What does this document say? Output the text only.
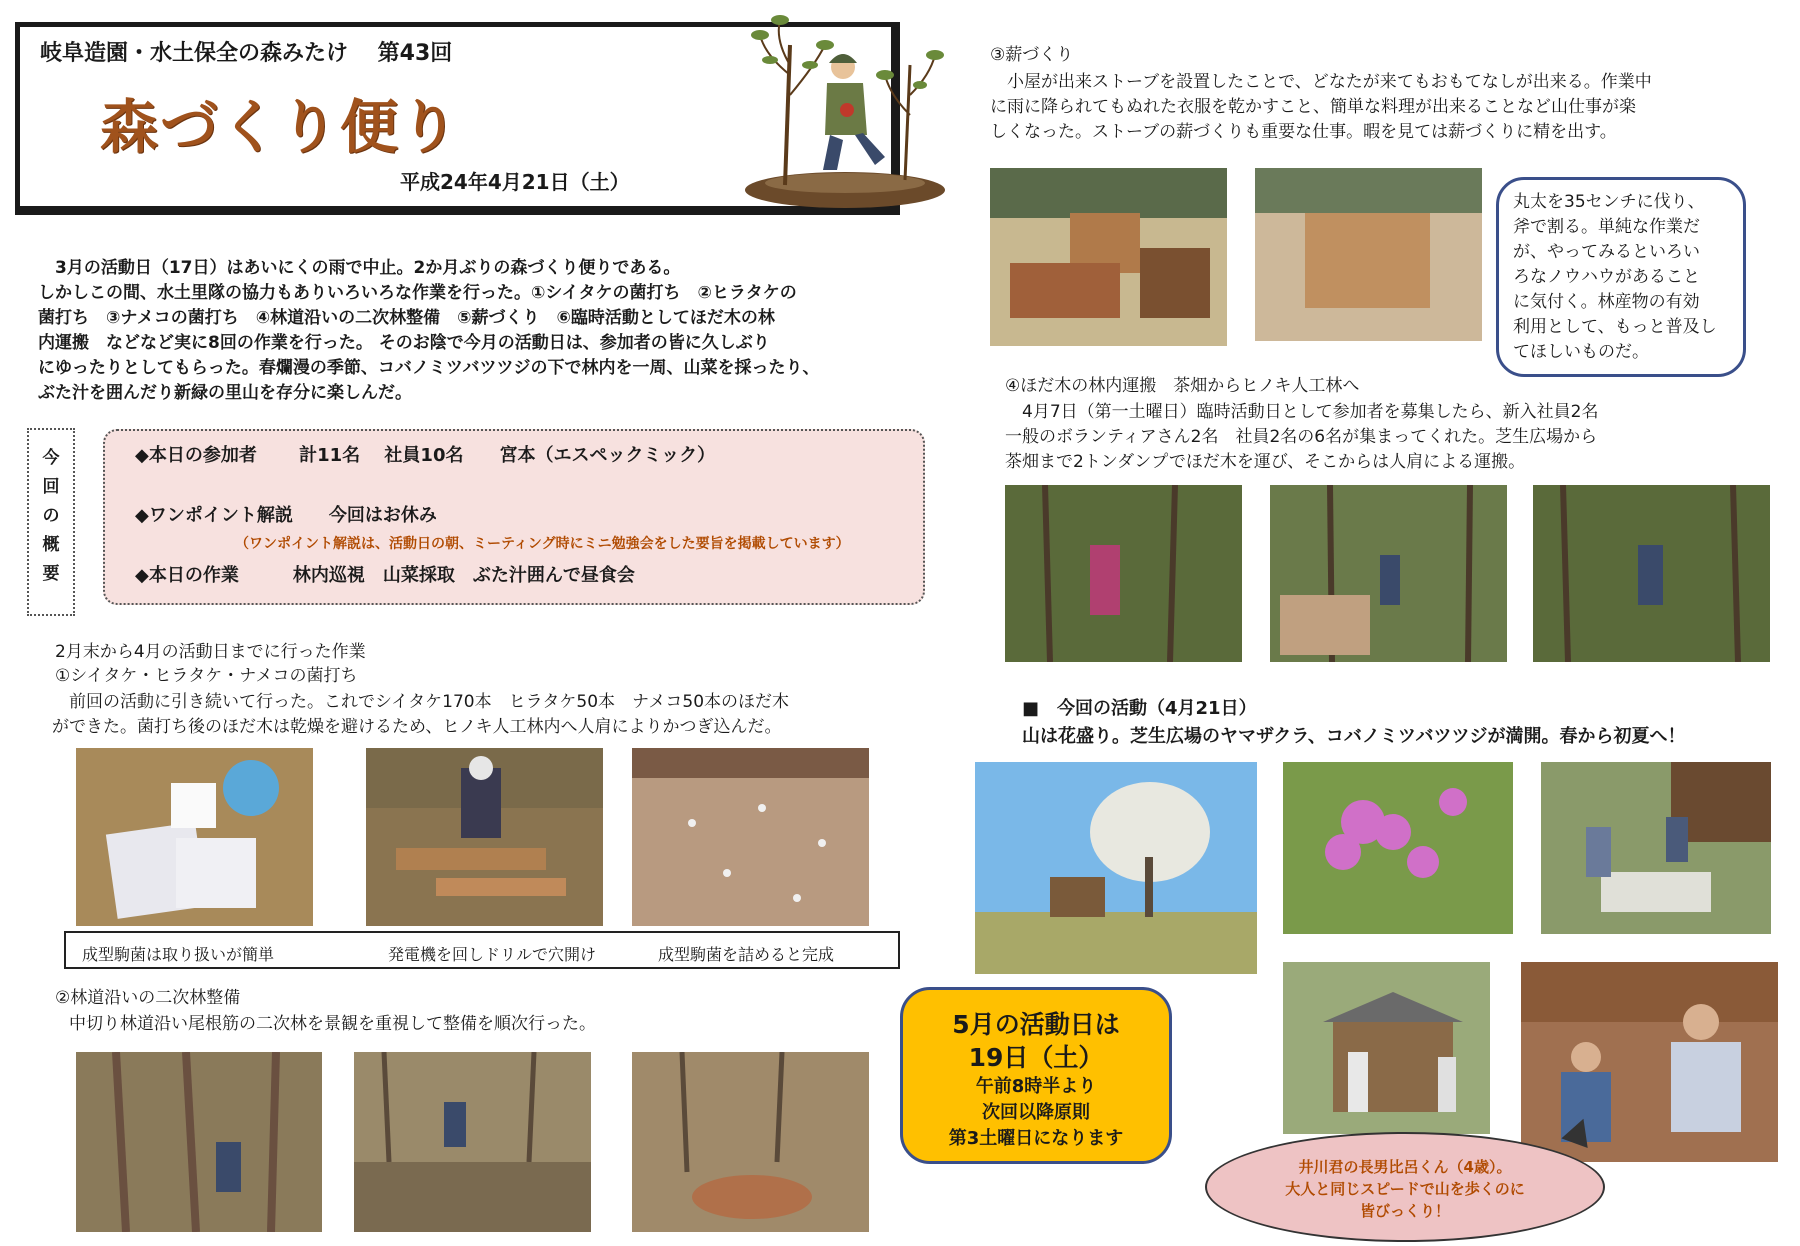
岐阜造園・水土保全の森みたけ　 第43回
森づくり便り
平成24年4月21日（土）
　3月の活動日（17日）はあいにくの雨で中止。2か月ぶりの森づくり便りである。
しかしこの間、水土里隊の協力もありいろいろな作業を行った。①シイタケの菌打ち　②ヒラタケの
菌打ち　③ナメコの菌打ち　④林道沿いの二次林整備　⑤薪づくり　⑥臨時活動としてほだ木の林
内運搬　などなど実に8回の作業を行った。 そのお陰で今月の活動日は、参加者の皆に久しぶり
にゆったりとしてもらった。春爛漫の季節、コバノミツバツツジの下で林内を一周、山菜を採ったり、
ぶた汁を囲んだり新緑の里山を存分に楽しんだ。
今
回
の
概
要
◆本日の参加者　　 計11名　 社員10名　　宮本（エスペックミック）
◆ワンポイント解説　　今回はお休み
（ワンポイント解説は、活動日の朝、ミーティング時にミニ勉強会をした要旨を掲載しています）
◆本日の作業　　　林内巡視　山菜採取　ぶた汁囲んで昼食会
2月末から4月の活動日までに行った作業
①シイタケ・ヒラタケ・ナメコの菌打ち
　前回の活動に引き続いて行った。これでシイタケ170本　ヒラタケ50本　ナメコ50本のほだ木
ができた。菌打ち後のほだ木は乾燥を避けるため、ヒノキ人工林内へ人肩によりかつぎ込んだ。
成型駒菌は取り扱いが簡単	発電機を回しドリルで穴開け	成型駒菌を詰めると完成
②林道沿いの二次林整備
　中切り林道沿い尾根筋の二次林を景観を重視して整備を順次行った。	5月の活動日は
19日（土）
午前8時半より
次回以降原則
第3土曜日になります
③薪づくり
　小屋が出来ストーブを設置したことで、どなたが来てもおもてなしが出来る。作業中
に雨に降られてもぬれた衣服を乾かすこと、簡単な料理が出来ることなど山仕事が楽
しくなった。ストーブの薪づくりも重要な仕事。暇を見ては薪づくりに精を出す。
丸太を35センチに伐り、
斧で割る。単純な作業だ
が、やってみるといろい
ろなノウハウがあること
に気付く。林産物の有効
利用として、もっと普及し
てほしいものだ。
④ほだ木の林内運搬　茶畑からヒノキ人工林へ
　4月7日（第一土曜日）臨時活動日として参加者を募集したら、新入社員2名
一般のボランティアさん2名　社員2名の6名が集まってくれた。芝生広場から
茶畑まで2トンダンプでほだ木を運び、そこからは人肩による運搬。
■　今回の活動（4月21日）
山は花盛り。芝生広場のヤマザクラ、コバノミツバツツジが満開。春から初夏へ！
井川君の長男比呂くん（4歳）。
大人と同じスピードで山を歩くのに
皆びっくり！
